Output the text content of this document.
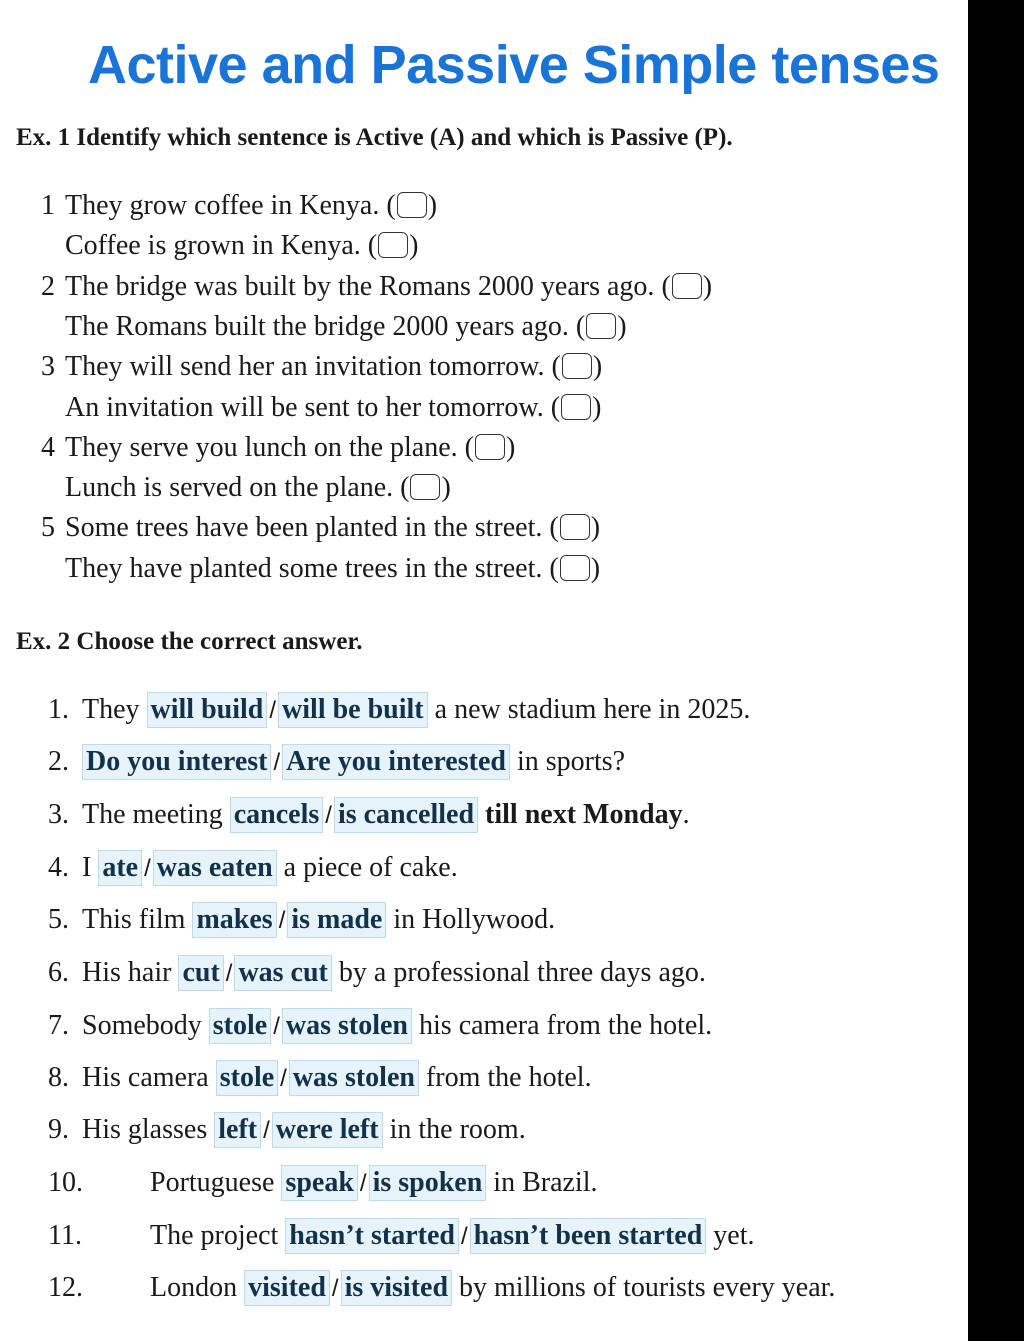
Active and Passive Simple tenses
Ex. 1 Identify which sentence is Active (A) and which is Passive (P).
1 They grow coffee in Kenya. ( )
Coffee is grown in Kenya. ( )
2 The bridge was built by the Romans 2000 years ago. ( )
The Romans built the bridge 2000 years ago. ( )
3 They will send her an invitation tomorrow. ( )
An invitation will be sent to her tomorrow. ( )
4 They serve you lunch on the plane. ( )
Lunch is served on the plane. ( )
5 Some trees have been planted in the street. ( )
They have planted some trees in the street. ( )
Ex. 2 Choose the correct answer.
1. They will build / will be built a new stadium here in 2025.
2. Do you interest / Are you interested in sports?
3. The meeting cancels / is cancelled till next Monday.
4. I ate / was eaten a piece of cake.
5. This film makes / is made in Hollywood.
6. His hair cut / was cut by a professional three days ago.
7. Somebody stole / was stolen his camera from the hotel.
8. His camera stole / was stolen from the hotel.
9. His glasses left / were left in the room.
10. Portuguese speak / is spoken in Brazil.
11. The project hasn’t started / hasn’t been started yet.
12. London visited / is visited by millions of tourists every year.
